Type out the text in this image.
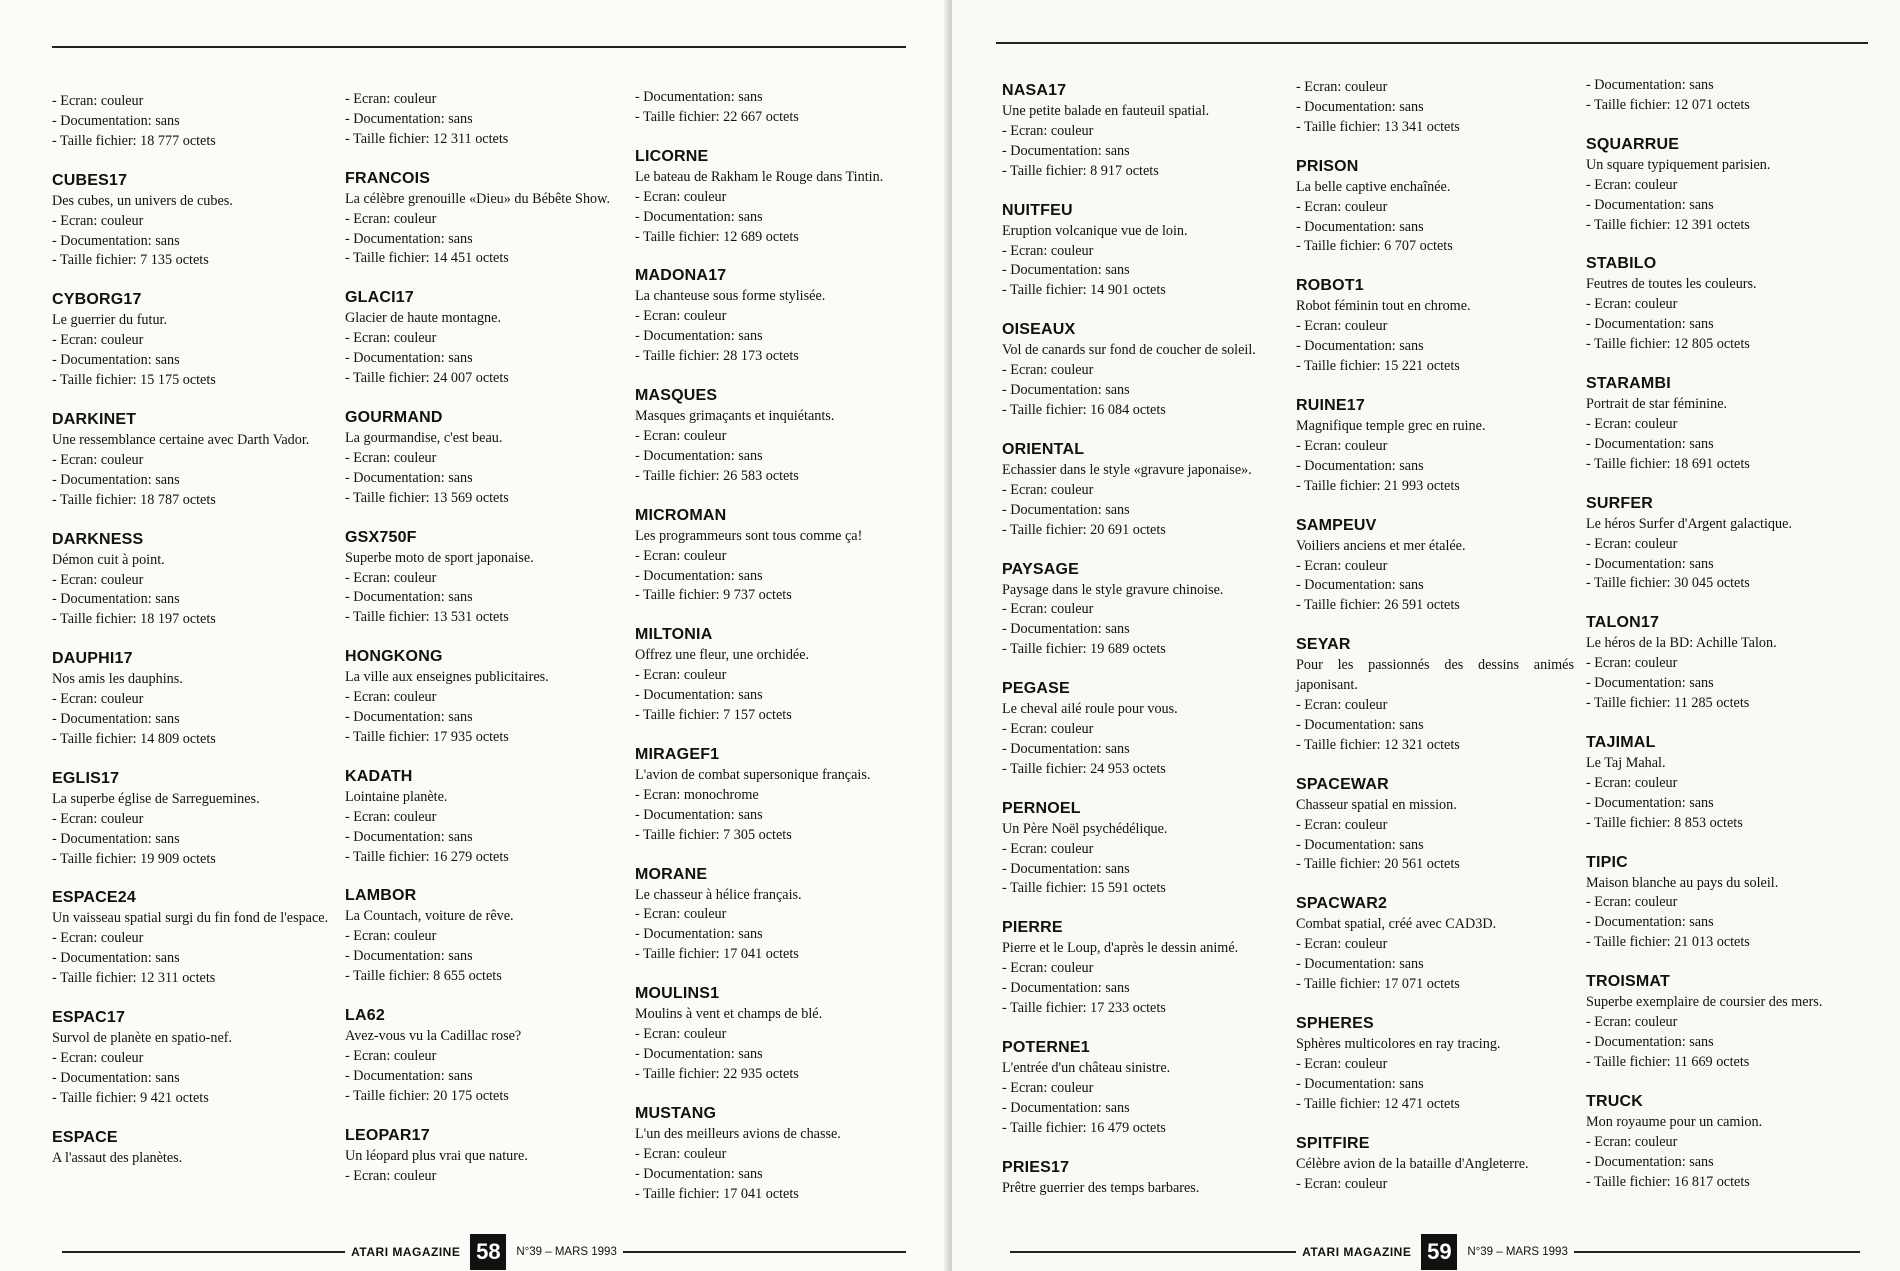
- Ecran: couleur
- Documentation: sans
- Taille fichier: 18 777 octets
CUBES17
Des cubes, un univers de cubes.
- Ecran: couleur
- Documentation: sans
- Taille fichier: 7 135 octets
CYBORG17
Le guerrier du futur.
- Ecran: couleur
- Documentation: sans
- Taille fichier: 15 175 octets
DARKINET
Une ressemblance certaine avec Darth Vador.
- Ecran: couleur
- Documentation: sans
- Taille fichier: 18 787 octets
DARKNESS
Démon cuit à point.
- Ecran: couleur
- Documentation: sans
- Taille fichier: 18 197 octets
DAUPHI17
Nos amis les dauphins.
- Ecran: couleur
- Documentation: sans
- Taille fichier: 14 809 octets
EGLIS17
La superbe église de Sarreguemines.
- Ecran: couleur
- Documentation: sans
- Taille fichier: 19 909 octets
ESPACE24
Un vaisseau spatial surgi du fin fond de l'espace.
- Ecran: couleur
- Documentation: sans
- Taille fichier: 12 311 octets
ESPAC17
Survol de planète en spatio-nef.
- Ecran: couleur
- Documentation: sans
- Taille fichier: 9 421 octets
ESPACE
A l'assaut des planètes.
- Ecran: couleur
- Documentation: sans
- Taille fichier: 12 311 octets
FRANCOIS
La célèbre grenouille «Dieu» du Bébête Show.
- Ecran: couleur
- Documentation: sans
- Taille fichier: 14 451 octets
GLACI17
Glacier de haute montagne.
- Ecran: couleur
- Documentation: sans
- Taille fichier: 24 007 octets
GOURMAND
La gourmandise, c'est beau.
- Ecran: couleur
- Documentation: sans
- Taille fichier: 13 569 octets
GSX750F
Superbe moto de sport japonaise.
- Ecran: couleur
- Documentation: sans
- Taille fichier: 13 531 octets
HONGKONG
La ville aux enseignes publicitaires.
- Ecran: couleur
- Documentation: sans
- Taille fichier: 17 935 octets
KADATH
Lointaine planète.
- Ecran: couleur
- Documentation: sans
- Taille fichier: 16 279 octets
LAMBOR
La Countach, voiture de rêve.
- Ecran: couleur
- Documentation: sans
- Taille fichier: 8 655 octets
LA62
Avez-vous vu la Cadillac rose?
- Ecran: couleur
- Documentation: sans
- Taille fichier: 20 175 octets
LEOPAR17
Un léopard plus vrai que nature.
- Ecran: couleur
- Documentation: sans
- Taille fichier: 22 667 octets
LICORNE
Le bateau de Rakham le Rouge dans Tintin.
- Ecran: couleur
- Documentation: sans
- Taille fichier: 12 689 octets
MADONA17
La chanteuse sous forme stylisée.
- Ecran: couleur
- Documentation: sans
- Taille fichier: 28 173 octets
MASQUES
Masques grimaçants et inquiétants.
- Ecran: couleur
- Documentation: sans
- Taille fichier: 26 583 octets
MICROMAN
Les programmeurs sont tous comme ça!
- Ecran: couleur
- Documentation: sans
- Taille fichier: 9 737 octets
MILTONIA
Offrez une fleur, une orchidée.
- Ecran: couleur
- Documentation: sans
- Taille fichier: 7 157 octets
MIRAGEF1
L'avion de combat supersonique français.
- Ecran: monochrome
- Documentation: sans
- Taille fichier: 7 305 octets
MORANE
Le chasseur à hélice français.
- Ecran: couleur
- Documentation: sans
- Taille fichier: 17 041 octets
MOULINS1
Moulins à vent et champs de blé.
- Ecran: couleur
- Documentation: sans
- Taille fichier: 22 935 octets
MUSTANG
L'un des meilleurs avions de chasse.
- Ecran: couleur
- Documentation: sans
- Taille fichier: 17 041 octets
ATARI MAGAZINE 58	N°39 – MARS 1993
NASA17
Une petite balade en fauteuil spatial.
- Ecran: couleur
- Documentation: sans
- Taille fichier: 8 917 octets
NUITFEU
Eruption volcanique vue de loin.
- Ecran: couleur
- Documentation: sans
- Taille fichier: 14 901 octets
OISEAUX
Vol de canards sur fond de coucher de soleil.
- Ecran: couleur
- Documentation: sans
- Taille fichier: 16 084 octets
ORIENTAL
Echassier dans le style «gravure japonaise».
- Ecran: couleur
- Documentation: sans
- Taille fichier: 20 691 octets
PAYSAGE
Paysage dans le style gravure chinoise.
- Ecran: couleur
- Documentation: sans
- Taille fichier: 19 689 octets
PEGASE
Le cheval ailé roule pour vous.
- Ecran: couleur
- Documentation: sans
- Taille fichier: 24 953 octets
PERNOEL
Un Père Noël psychédélique.
- Ecran: couleur
- Documentation: sans
- Taille fichier: 15 591 octets
PIERRE
Pierre et le Loup, d'après le dessin animé.
- Ecran: couleur
- Documentation: sans
- Taille fichier: 17 233 octets
POTERNE1
L'entrée d'un château sinistre.
- Ecran: couleur
- Documentation: sans
- Taille fichier: 16 479 octets
PRIES17
Prêtre guerrier des temps barbares.
- Ecran: couleur
- Documentation: sans
- Taille fichier: 13 341 octets
PRISON
La belle captive enchaînée.
- Ecran: couleur
- Documentation: sans
- Taille fichier: 6 707 octets
ROBOT1
Robot féminin tout en chrome.
- Ecran: couleur
- Documentation: sans
- Taille fichier: 15 221 octets
RUINE17
Magnifique temple grec en ruine.
- Ecran: couleur
- Documentation: sans
- Taille fichier: 21 993 octets
SAMPEUV
Voiliers anciens et mer étalée.
- Ecran: couleur
- Documentation: sans
- Taille fichier: 26 591 octets
SEYAR
Pour les passionnés des dessins animés japonisant.
- Ecran: couleur
- Documentation: sans
- Taille fichier: 12 321 octets
SPACEWAR
Chasseur spatial en mission.
- Ecran: couleur
- Documentation: sans
- Taille fichier: 20 561 octets
SPACWAR2
Combat spatial, créé avec CAD3D.
- Ecran: couleur
- Documentation: sans
- Taille fichier: 17 071 octets
SPHERES
Sphères multicolores en ray tracing.
- Ecran: couleur
- Documentation: sans
- Taille fichier: 12 471 octets
SPITFIRE
Célèbre avion de la bataille d'Angleterre.
- Ecran: couleur
- Documentation: sans
- Taille fichier: 12 071 octets
SQUARRUE
Un square typiquement parisien.
- Ecran: couleur
- Documentation: sans
- Taille fichier: 12 391 octets
STABILO
Feutres de toutes les couleurs.
- Ecran: couleur
- Documentation: sans
- Taille fichier: 12 805 octets
STARAMBI
Portrait de star féminine.
- Ecran: couleur
- Documentation: sans
- Taille fichier: 18 691 octets
SURFER
Le héros Surfer d'Argent galactique.
- Ecran: couleur
- Documentation: sans
- Taille fichier: 30 045 octets
TALON17
Le héros de la BD: Achille Talon.
- Ecran: couleur
- Documentation: sans
- Taille fichier: 11 285 octets
TAJIMAL
Le Taj Mahal.
- Ecran: couleur
- Documentation: sans
- Taille fichier: 8 853 octets
TIPIC
Maison blanche au pays du soleil.
- Ecran: couleur
- Documentation: sans
- Taille fichier: 21 013 octets
TROISMAT
Superbe exemplaire de coursier des mers.
- Ecran: couleur
- Documentation: sans
- Taille fichier: 11 669 octets
TRUCK
Mon royaume pour un camion.
- Ecran: couleur
- Documentation: sans
- Taille fichier: 16 817 octets
ATARI MAGAZINE 59	N°39 – MARS 1993
